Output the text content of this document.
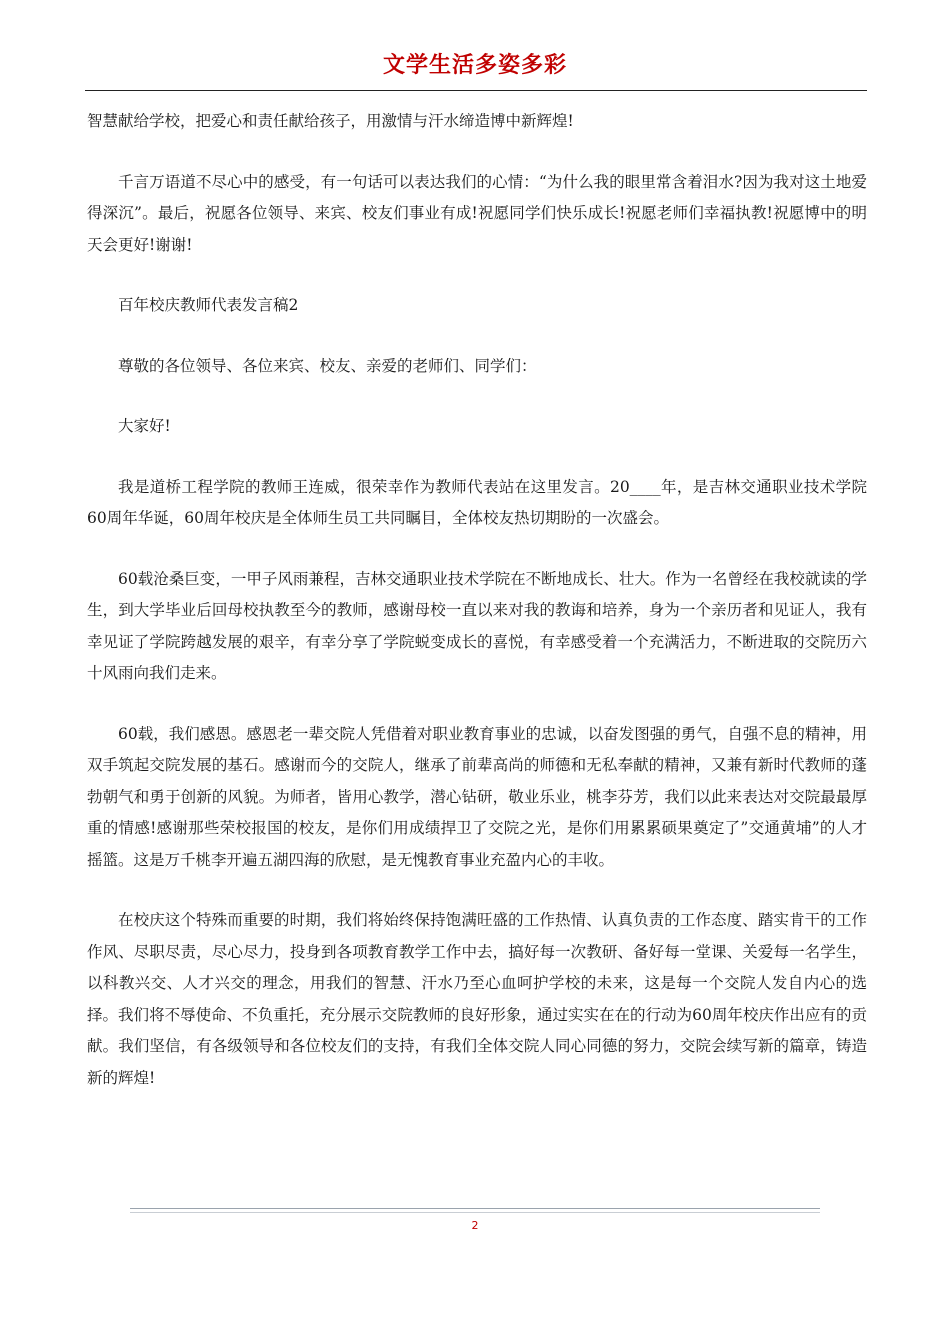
文学生活多姿多彩

智慧献给学校，把爱心和责任献给孩子，用激情与汗水缔造博中新辉煌!

千言万语道不尽心中的感受，有一句话可以表达我们的心情：“为什么我的眼里常含着泪水?因为我对这土地爱得深沉”。最后，祝愿各位领导、来宾、校友们事业有成!祝愿同学们快乐成长!祝愿老师们幸福执教!祝愿博中的明天会更好!谢谢!

百年校庆教师代表发言稿2

尊敬的各位领导、各位来宾、校友、亲爱的老师们、同学们：

大家好!

我是道桥工程学院的教师王连威，很荣幸作为教师代表站在这里发言。20____年，是吉林交通职业技术学院60周年华诞，60周年校庆是全体师生员工共同瞩目，全体校友热切期盼的一次盛会。

60载沧桑巨变，一甲子风雨兼程，吉林交通职业技术学院在不断地成长、壮大。作为一名曾经在我校就读的学生，到大学毕业后回母校执教至今的教师，感谢母校一直以来对我的教诲和培养，身为一个亲历者和见证人，我有幸见证了学院跨越发展的艰辛，有幸分享了学院蜕变成长的喜悦，有幸感受着一个充满活力，不断进取的交院历六十风雨向我们走来。

60载，我们感恩。感恩老一辈交院人凭借着对职业教育事业的忠诚，以奋发图强的勇气，自强不息的精神，用双手筑起交院发展的基石。感谢而今的交院人，继承了前辈高尚的师德和无私奉献的精神，又兼有新时代教师的蓬勃朝气和勇于创新的风貌。为师者，皆用心教学，潜心钻研，敬业乐业，桃李芬芳，我们以此来表达对交院最最厚重的情感!感谢那些荣校报国的校友，是你们用成绩捍卫了交院之光，是你们用累累硕果奠定了”交通黄埔”的人才摇篮。这是万千桃李开遍五湖四海的欣慰，是无愧教育事业充盈内心的丰收。

在校庆这个特殊而重要的时期，我们将始终保持饱满旺盛的工作热情、认真负责的工作态度、踏实肯干的工作作风、尽职尽责，尽心尽力，投身到各项教育教学工作中去，搞好每一次教研、备好每一堂课、关爱每一名学生，以科教兴交、人才兴交的理念，用我们的智慧、汗水乃至心血呵护学校的未来，这是每一个交院人发自内心的选择。我们将不辱使命、不负重托，充分展示交院教师的良好形象，通过实实在在的行动为60周年校庆作出应有的贡献。我们坚信，有各级领导和各位校友们的支持，有我们全体交院人同心同德的努力，交院会续写新的篇章，铸造新的辉煌!

2
